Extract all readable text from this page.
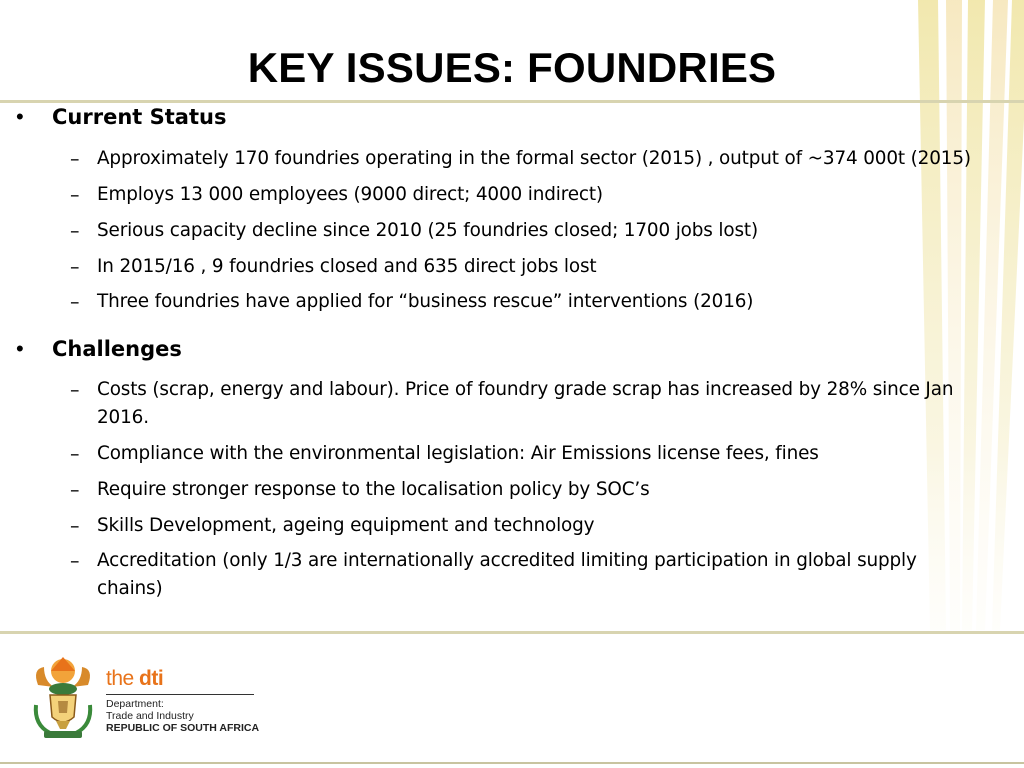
KEY ISSUES: FOUNDRIES
• Current Status
– Approximately 170 foundries operating in the formal sector (2015) , output of ~374 000t (2015)
– Employs 13 000 employees (9000 direct; 4000 indirect)
– Serious capacity decline since 2010 (25 foundries closed; 1700 jobs lost)
– In 2015/16 , 9 foundries closed and 635 direct jobs lost
– Three foundries have applied for “business rescue” interventions (2016)
• Challenges
– Costs (scrap, energy and labour). Price of foundry grade scrap has increased by 28% since Jan 2016.
– Compliance with the environmental legislation: Air Emissions license fees, fines
– Require stronger response to the localisation policy by SOC’s
– Skills Development, ageing equipment and technology
– Accreditation (only 1/3 are internationally accredited limiting participation in global supply chains)
the dti
Department:
Trade and Industry
REPUBLIC OF SOUTH AFRICA
